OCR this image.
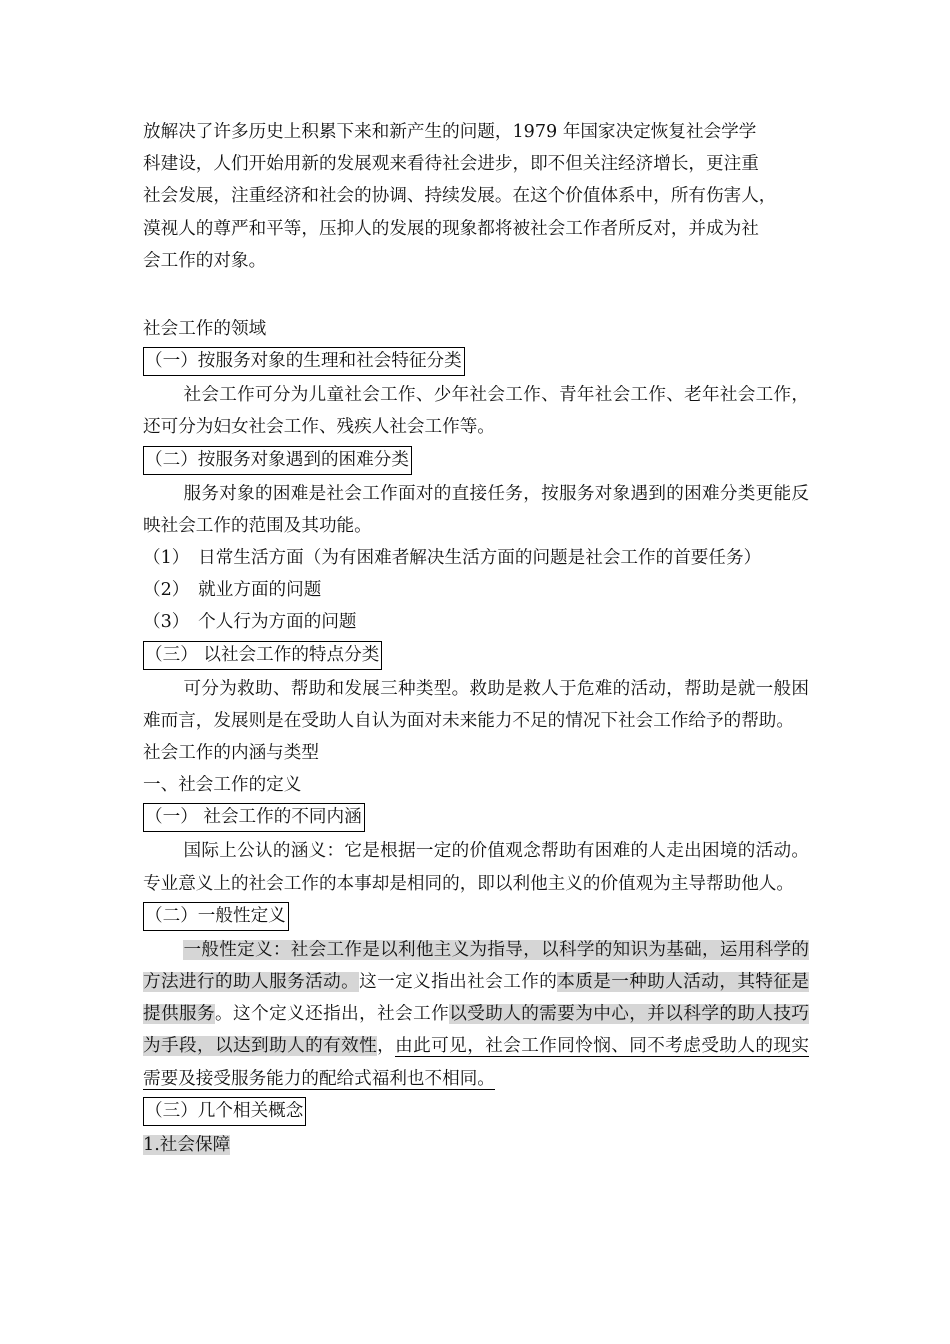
放解决了许多历史上积累下来和新产生的问题，1979 年国家决定恢复社会学学
科建设，人们开始用新的发展观来看待社会进步，即不但关注经济增长，更注重
社会发展，注重经济和社会的协调、持续发展。在这个价值体系中，所有伤害人，
漠视人的尊严和平等，压抑人的发展的现象都将被社会工作者所反对，并成为社
会工作的对象。

社会工作的领域
（一）按服务对象的生理和社会特征分类

社会工作可分为儿童社会工作、少年社会工作、青年社会工作、老年社会工作，还可分为妇女社会工作、残疾人社会工作等。

（二）按服务对象遇到的困难分类

服务对象的困难是社会工作面对的直接任务，按服务对象遇到的困难分类更能反映社会工作的范围及其功能。

（1）　日常生活方面（为有困难者解决生活方面的问题是社会工作的首要任务）
（2）　就业方面的问题
（3）　个人行为方面的问题
（三） 以社会工作的特点分类

可分为救助、帮助和发展三种类型。救助是救人于危难的活动，帮助是就一般困难而言，发展则是在受助人自认为面对未来能力不足的情况下社会工作给予的帮助。

社会工作的内涵与类型
一、社会工作的定义
（一） 社会工作的不同内涵

国际上公认的涵义：它是根据一定的价值观念帮助有困难的人走出困境的活动。专业意义上的社会工作的本事却是相同的，即以利他主义的价值观为主导帮助他人。

（二）一般性定义

一般性定义：社会工作是以利他主义为指导，以科学的知识为基础，运用科学的方法进行的助人服务活动。这一定义指出社会工作的本质是一种助人活动，其特征是提供服务。这个定义还指出，社会工作以受助人的需要为中心，并以科学的助人技巧为手段，以达到助人的有效性，由此可见，社会工作同怜悯、同不考虑受助人的现实需要及接受服务能力的配给式福利也不相同。

（三）几个相关概念
1.社会保障
